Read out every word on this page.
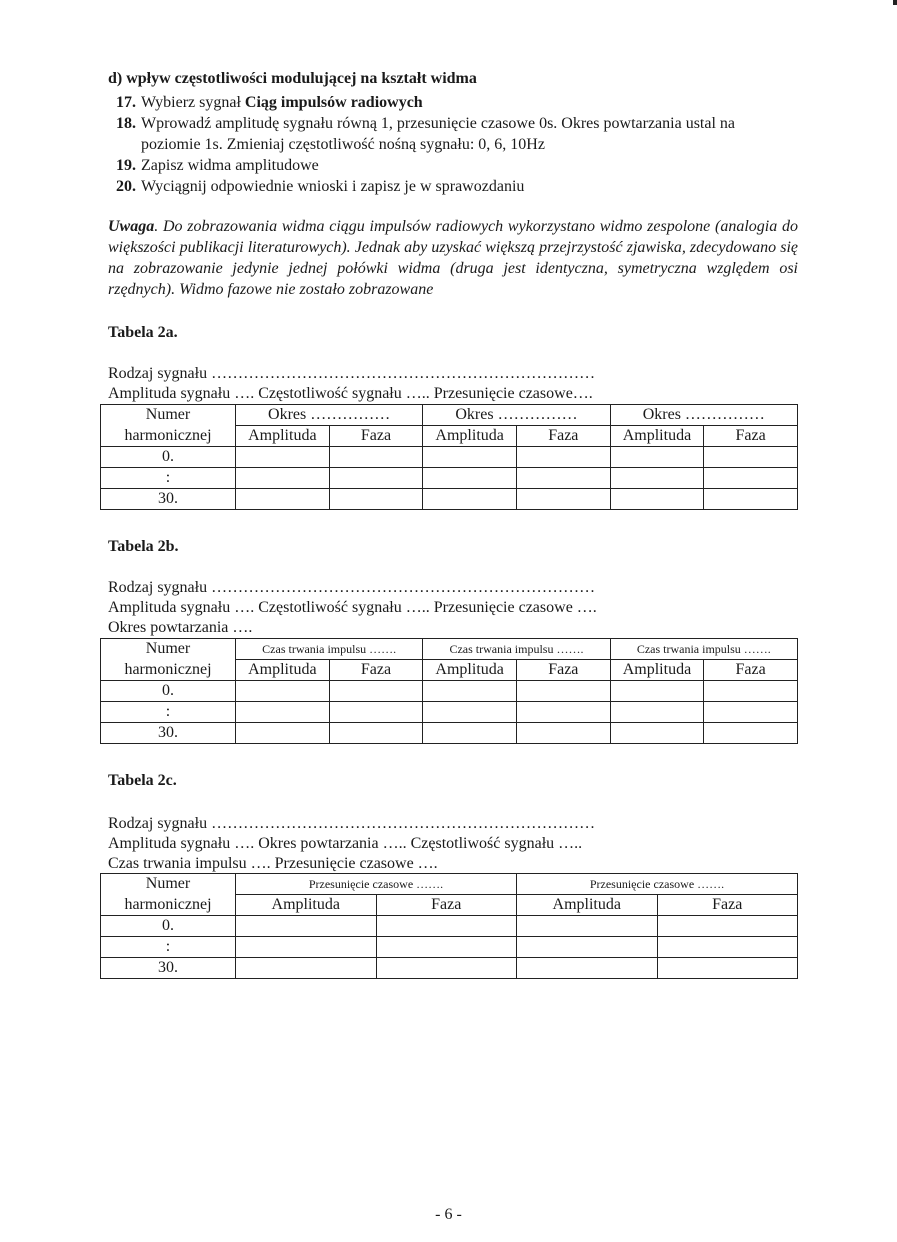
d) wpływ częstotliwości modulującej na kształt widma
17. Wybierz sygnał Ciąg impulsów radiowych
18. Wprowadź amplitudę sygnału równą 1, przesunięcie czasowe 0s. Okres powtarzania ustal na poziomie 1s. Zmieniaj częstotliwość nośną sygnału: 0, 6, 10Hz
19. Zapisz widma amplitudowe
20. Wyciągnij odpowiednie wnioski i zapisz je w sprawozdaniu
Uwaga. Do zobrazowania widma ciągu impulsów radiowych wykorzystano widmo zespolone (analogia do większości publikacji literaturowych). Jednak aby uzyskać większą przejrzystość zjawiska, zdecydowano się na zobrazowanie jedynie jednej połówki widma (druga jest identyczna, symetryczna względem osi rzędnych). Widmo fazowe nie zostało zobrazowane
Tabela 2a.
Rodzaj sygnału ………………………………………………………………
Amplituda sygnału …. Częstotliwość sygnału ….. Przesunięcie czasowe….
Numer	Okres ……………		Okres ……………		Okres ……………	
harmonicznej	Amplituda	Faza	Amplituda	Faza	Amplituda	Faza
0.						
:						
30.						
Tabela 2b.
Rodzaj sygnału ………………………………………………………………
Amplituda sygnału …. Częstotliwość sygnału ….. Przesunięcie czasowe ….
Okres powtarzania ….
Numer	Czas trwania impulsu …….		Czas trwania impulsu …….		Czas trwania impulsu …….	
harmonicznej	Amplituda	Faza	Amplituda	Faza	Amplituda	Faza
0.						
:						
30.						
Tabela 2c.
Rodzaj sygnału ………………………………………………………………
Amplituda sygnału …. Okres powtarzania ….. Częstotliwość sygnału …..
Czas trwania impulsu …. Przesunięcie czasowe ….
Numer	Przesunięcie czasowe …….		Przesunięcie czasowe …….	
harmonicznej	Amplituda	Faza	Amplituda	Faza
0.				
:				
30.				
- 6 -
